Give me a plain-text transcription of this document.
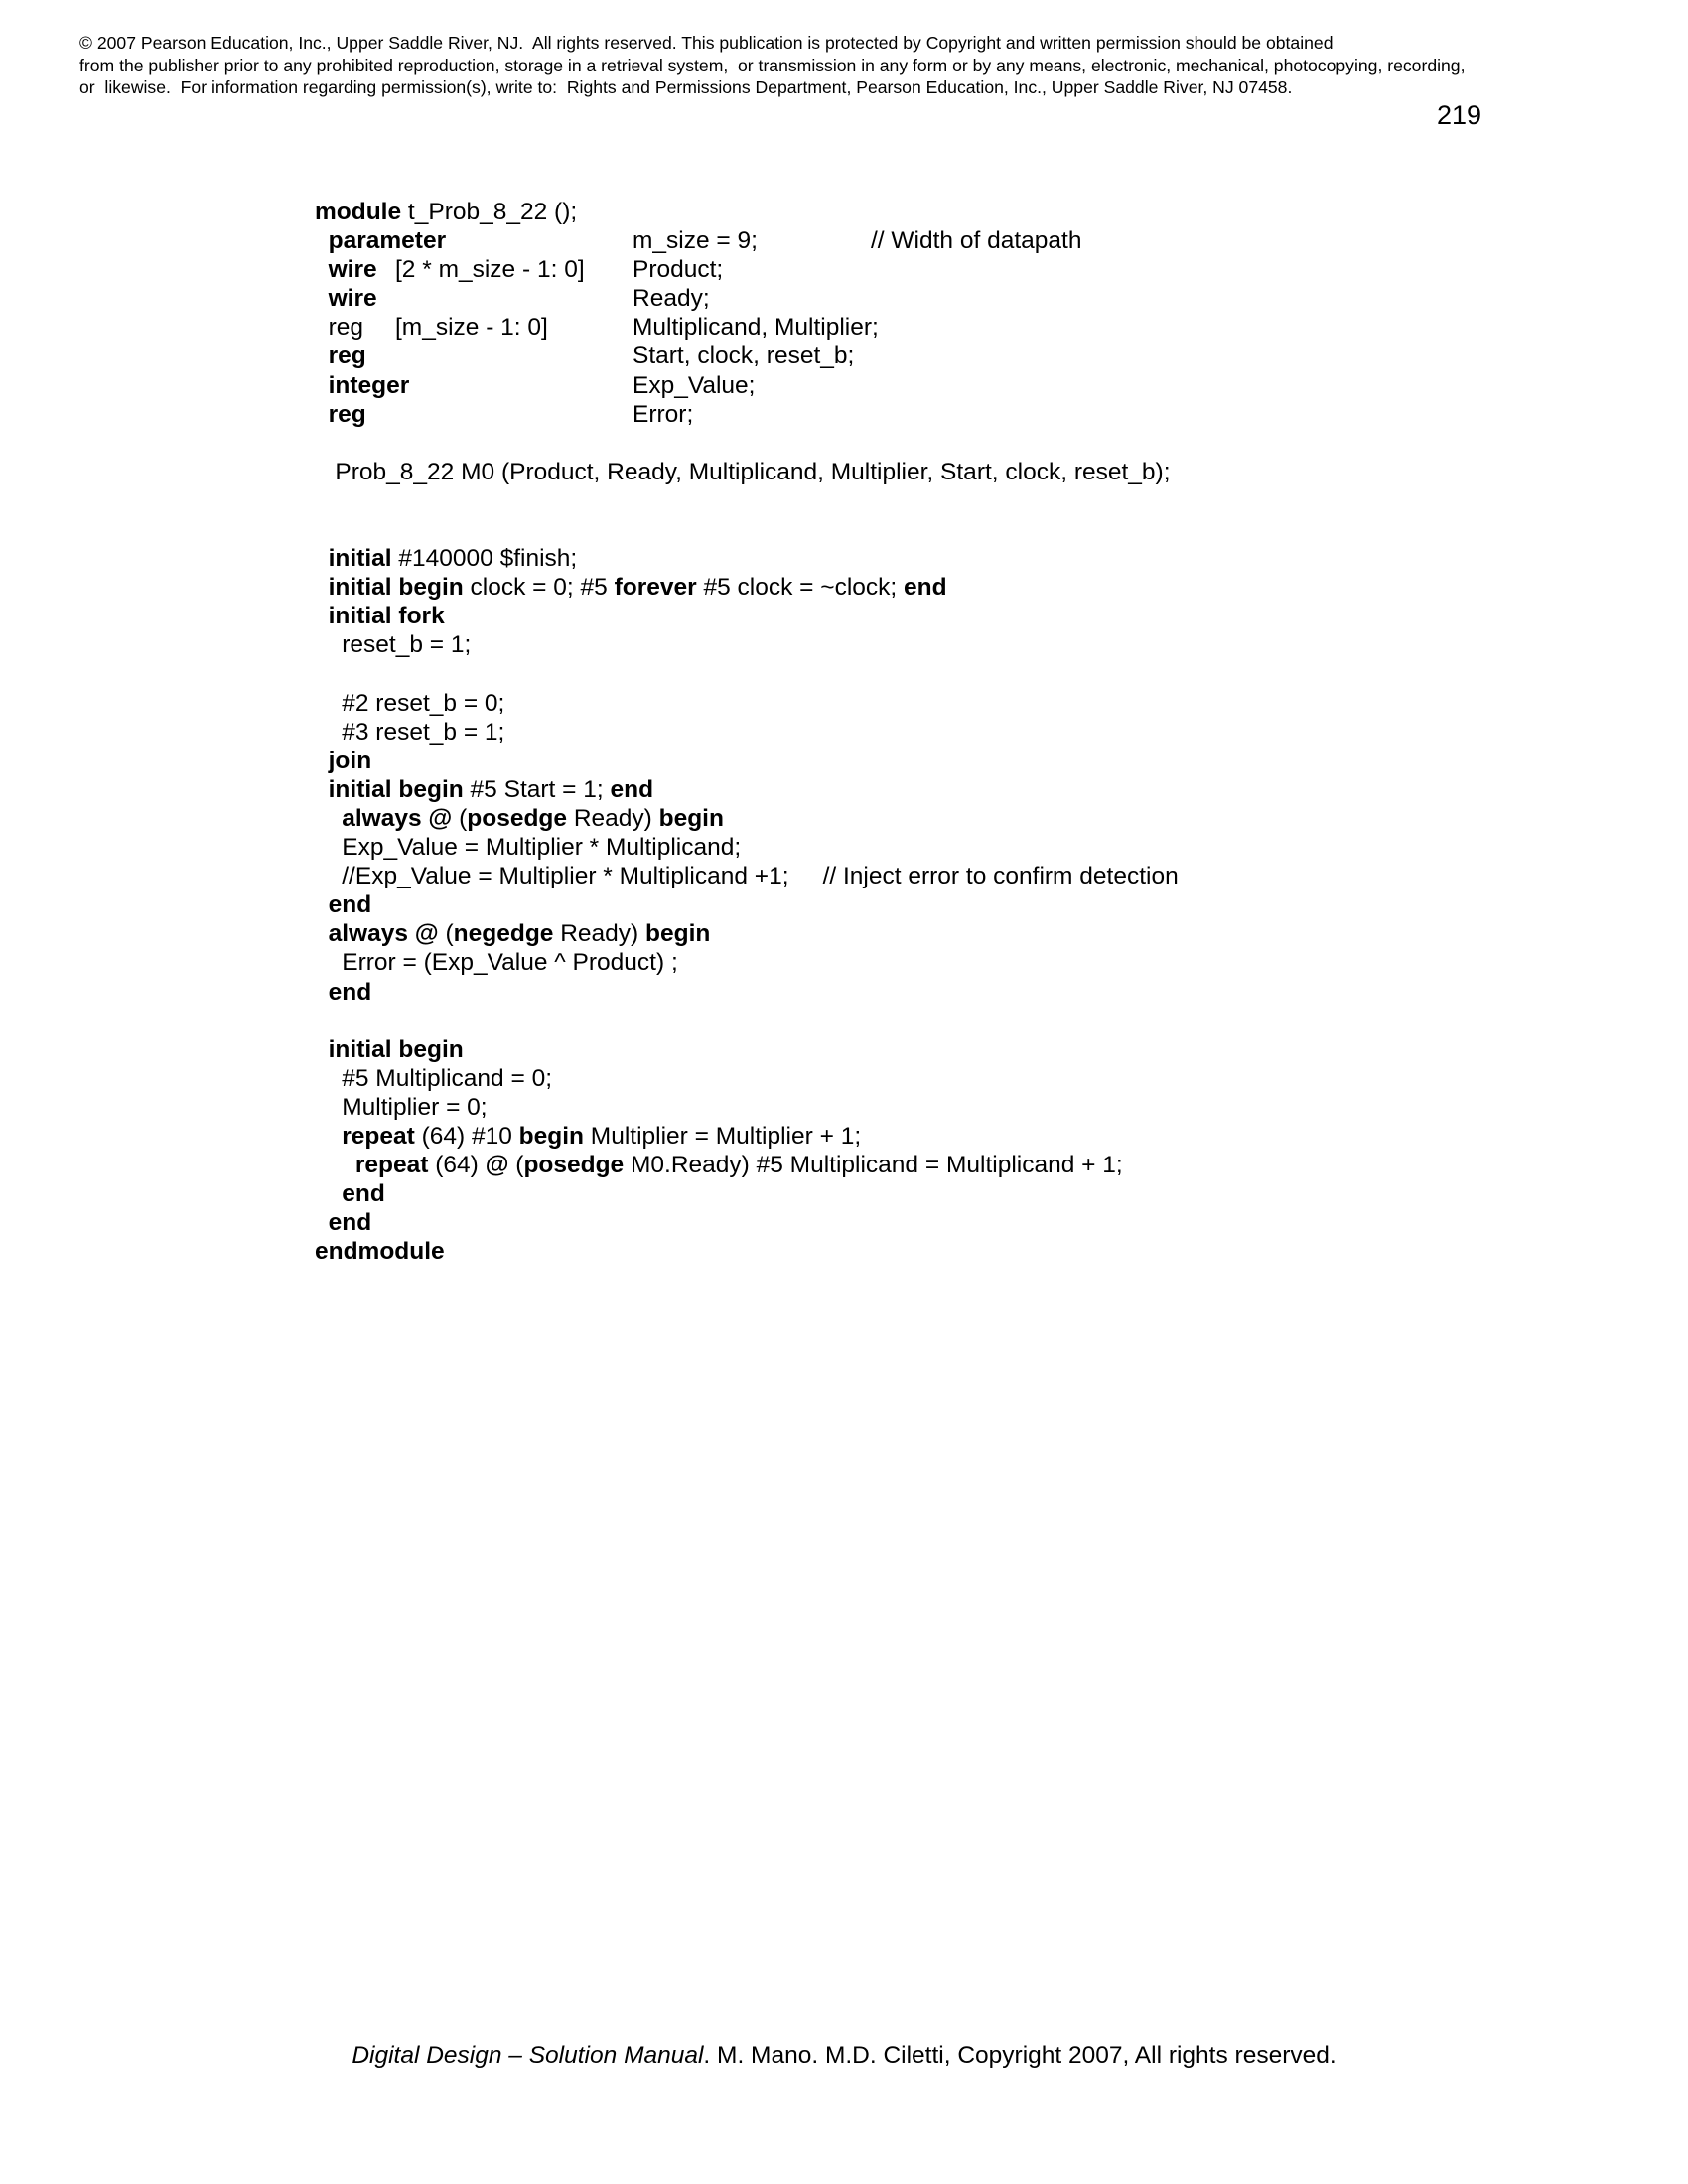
© 2007 Pearson Education, Inc., Upper Saddle River, NJ.  All rights reserved. This publication is protected by Copyright and written permission should be obtained
from the publisher prior to any prohibited reproduction, storage in a retrieval system,  or transmission in any form or by any means, electronic, mechanical, photocopying, recording,
or  likewise.  For information regarding permission(s), write to:  Rights and Permissions Department, Pearson Education, Inc., Upper Saddle River, NJ 07458.
219
module t_Prob_8_22 ();
parameter	m_size = 9;	// Width of datapath
wire [2 * m_size - 1: 0] Product;
wire	Ready;
reg [m_size - 1: 0]	Multiplicand, Multiplier;
reg	Start, clock, reset_b;
integer	Exp_Value;
reg	Error;
Prob_8_22 M0 (Product, Ready, Multiplicand, Multiplier, Start, clock, reset_b);
initial #140000 $finish;
initial begin clock = 0; #5 forever #5 clock = ~clock; end
initial fork
reset_b = 1;
#2 reset_b = 0;
#3 reset_b = 1;
join
initial begin #5 Start = 1; end
always @ (posedge Ready) begin
Exp_Value = Multiplier * Multiplicand;
//Exp_Value = Multiplier * Multiplicand +1;     // Inject error to confirm detection
end
always @ (negedge Ready) begin
Error = (Exp_Value ^ Product) ;
end
initial begin
#5 Multiplicand = 0;
Multiplier = 0;
repeat (64) #10 begin Multiplier = Multiplier + 1;
repeat (64) @ (posedge M0.Ready) #5 Multiplicand = Multiplicand + 1;
end
end
endmodule
Digital Design – Solution Manual. M. Mano. M.D. Ciletti, Copyright 2007, All rights reserved.
